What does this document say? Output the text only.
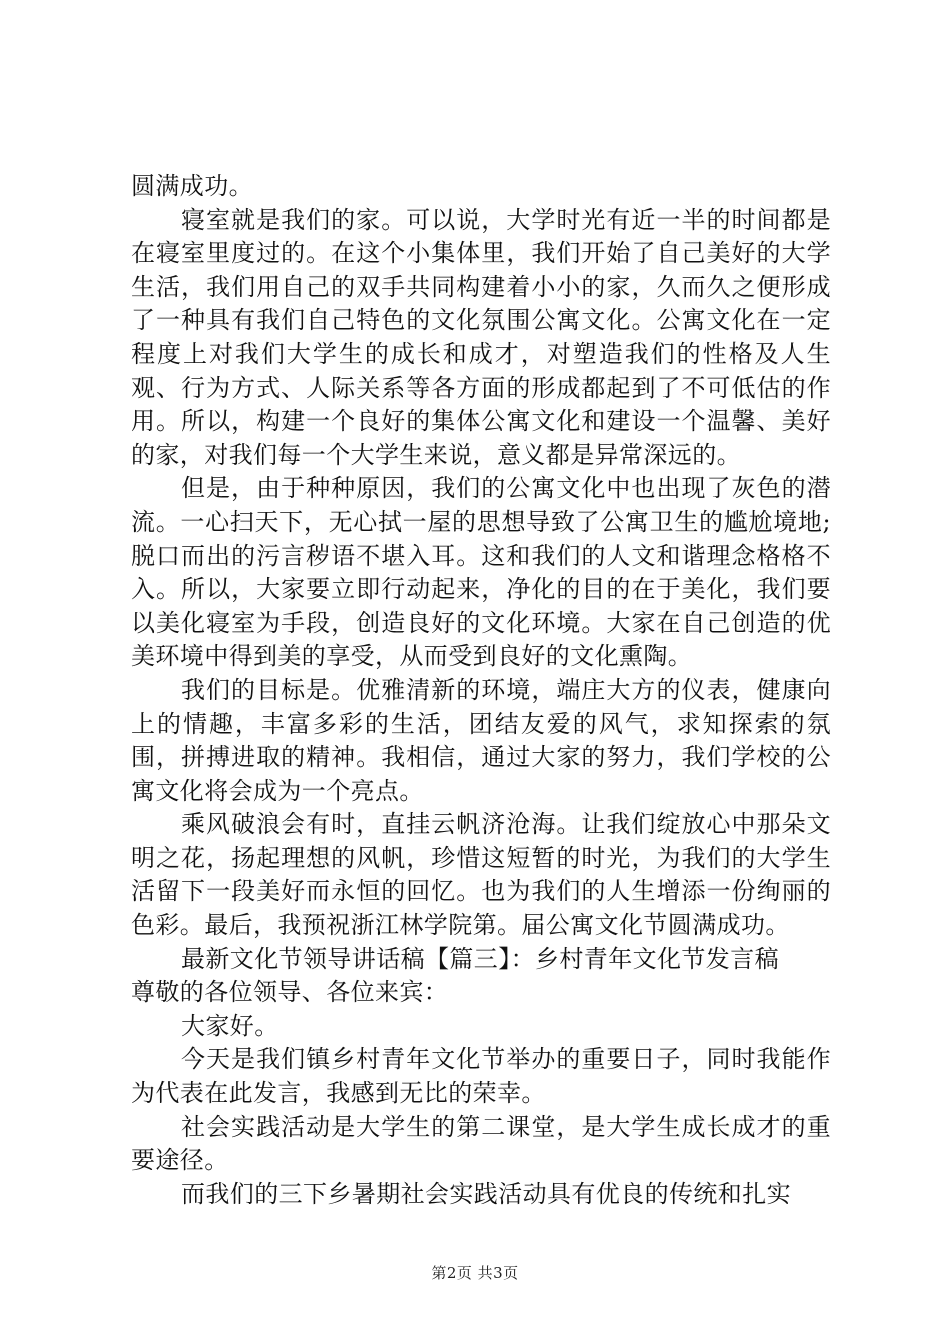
圆满成功。

寝室就是我们的家。可以说，大学时光有近一半的时间都是在寝室里度过的。在这个小集体里，我们开始了自己美好的大学生活，我们用自己的双手共同构建着小小的家，久而久之便形成了一种具有我们自己特色的文化氛围公寓文化。公寓文化在一定程度上对我们大学生的成长和成才，对塑造我们的性格及人生观、行为方式、人际关系等各方面的形成都起到了不可低估的作用。所以，构建一个良好的集体公寓文化和建设一个温馨、美好的家，对我们每一个大学生来说，意义都是异常深远的。

但是，由于种种原因，我们的公寓文化中也出现了灰色的潜流。一心扫天下，无心拭一屋的思想导致了公寓卫生的尴尬境地;脱口而出的污言秽语不堪入耳。这和我们的人文和谐理念格格不入。所以，大家要立即行动起来，净化的目的在于美化，我们要以美化寝室为手段，创造良好的文化环境。大家在自己创造的优美环境中得到美的享受，从而受到良好的文化熏陶。

我们的目标是。优雅清新的环境，端庄大方的仪表，健康向上的情趣，丰富多彩的生活，团结友爱的风气，求知探索的氛围，拼搏进取的精神。我相信，通过大家的努力，我们学校的公寓文化将会成为一个亮点。

乘风破浪会有时，直挂云帆济沧海。让我们绽放心中那朵文明之花，扬起理想的风帆，珍惜这短暂的时光，为我们的大学生活留下一段美好而永恒的回忆。也为我们的人生增添一份绚丽的色彩。最后，我预祝浙江林学院第。届公寓文化节圆满成功。

最新文化节领导讲话稿【篇三】：乡村青年文化节发言稿

尊敬的各位领导、各位来宾：

大家好。

今天是我们镇乡村青年文化节举办的重要日子，同时我能作为代表在此发言，我感到无比的荣幸。

社会实践活动是大学生的第二课堂，是大学生成长成才的重要途径。

而我们的三下乡暑期社会实践活动具有优良的传统和扎实

第2页 共3页
